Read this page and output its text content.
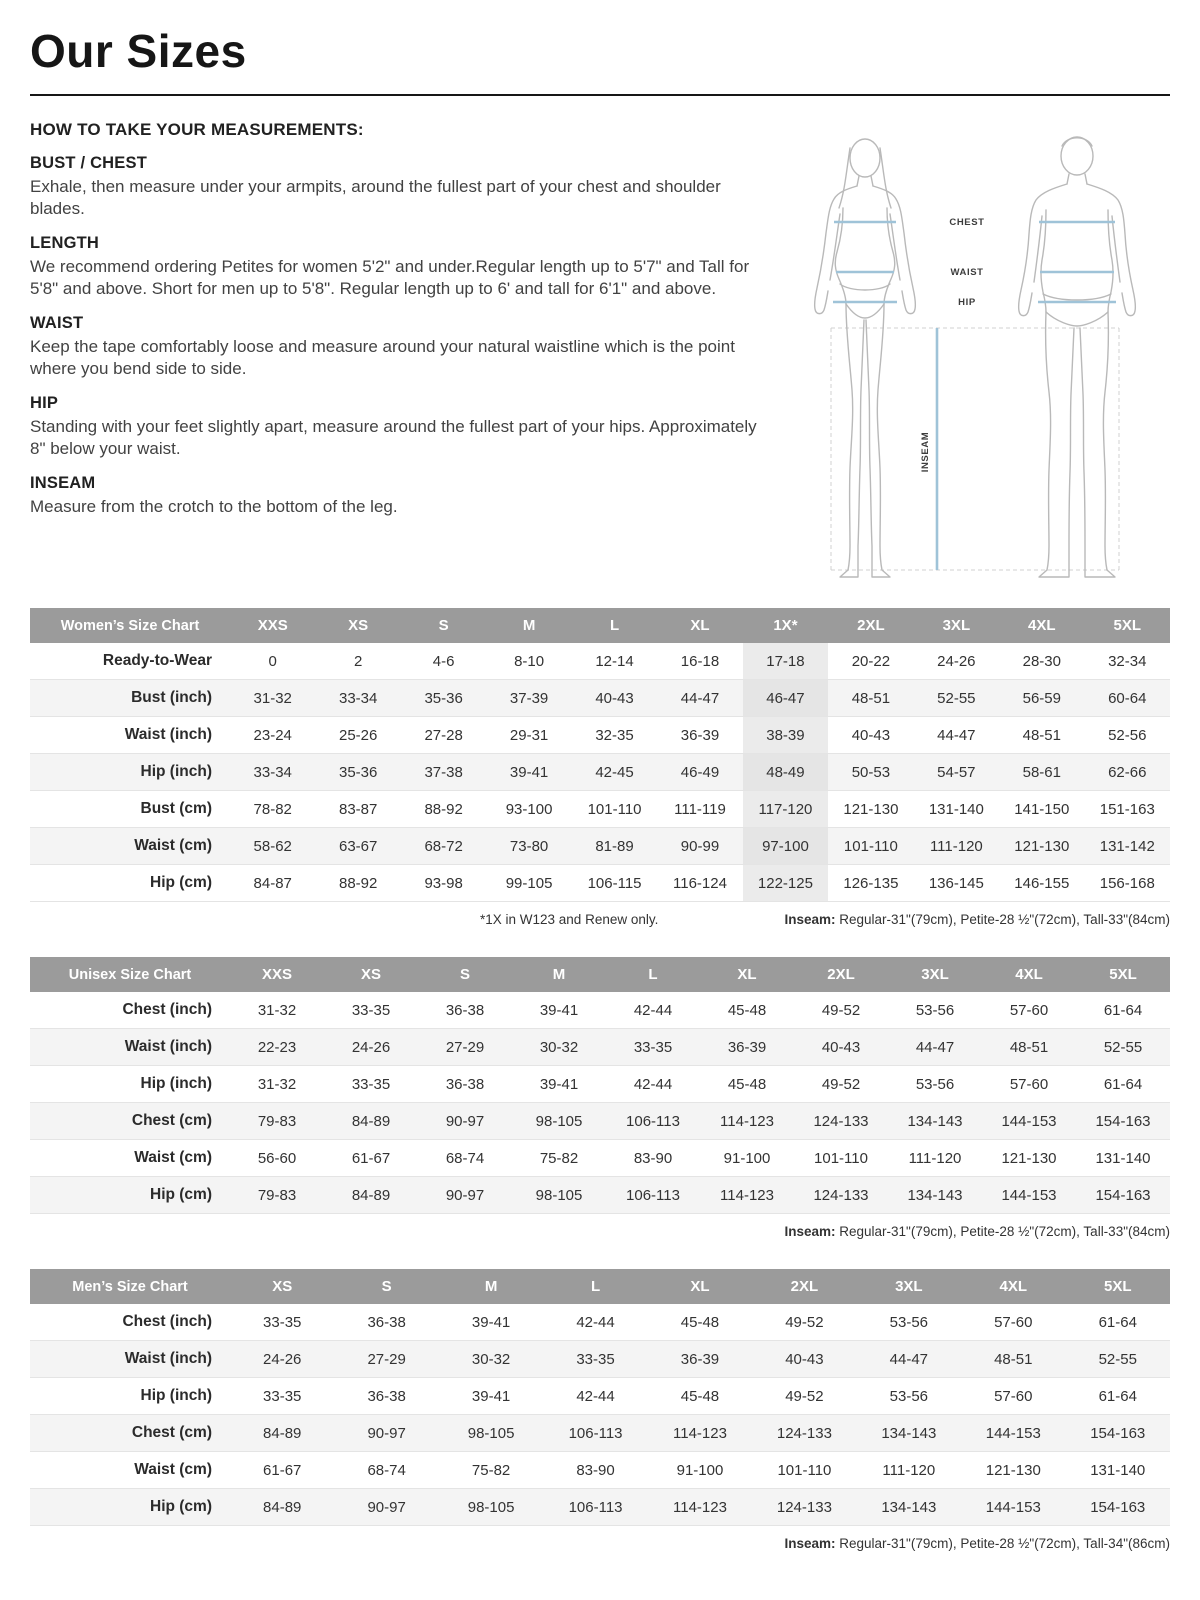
Our Sizes
HOW TO TAKE YOUR MEASUREMENTS:
BUST / CHEST

Exhale, then measure under your armpits, around the fullest part of your chest and shoulder blades.

LENGTH

We recommend ordering Petites for women 5'2" and under.Regular length up to 5'7" and Tall for 5'8" and above. Short for men up to 5'8". Regular length up to 6' and tall for 6'1" and above.

WAIST

Keep the tape comfortably loose and measure around your natural waistline which is the point where you bend side to side.

HIP

Standing with your feet slightly apart, measure around the fullest part of your hips. Approximately 8" below your waist.

INSEAM

Measure from the crotch to the bottom of the leg.

CHEST
WAIST
HIP
INSEAM
Women’s Size Chart	XXS	XS	S	M	L	XL	1X*	2XL	3XL	4XL	5XL
Ready-to-Wear	0	2	4-6	8-10	12-14	16-18	17-18	20-22	24-26	28-30	32-34
Bust (inch)	31-32	33-34	35-36	37-39	40-43	44-47	46-47	48-51	52-55	56-59	60-64
Waist (inch)	23-24	25-26	27-28	29-31	32-35	36-39	38-39	40-43	44-47	48-51	52-56
Hip (inch)	33-34	35-36	37-38	39-41	42-45	46-49	48-49	50-53	54-57	58-61	62-66
Bust (cm)	78-82	83-87	88-92	93-100	101-110	111-119	117-120	121-130	131-140	141-150	151-163
Waist (cm)	58-62	63-67	68-72	73-80	81-89	90-99	97-100	101-110	111-120	121-130	131-142
Hip (cm)	84-87	88-92	93-98	99-105	106-115	116-124	122-125	126-135	136-145	146-155	156-168
*1X in W123 and Renew only.	Inseam: Regular-31"(79cm), Petite-28 ½"(72cm), Tall-33"(84cm)
Unisex Size Chart	XXS	XS	S	M	L	XL	2XL	3XL	4XL	5XL
Chest (inch)	31-32	33-35	36-38	39-41	42-44	45-48	49-52	53-56	57-60	61-64
Waist (inch)	22-23	24-26	27-29	30-32	33-35	36-39	40-43	44-47	48-51	52-55
Hip (inch)	31-32	33-35	36-38	39-41	42-44	45-48	49-52	53-56	57-60	61-64
Chest (cm)	79-83	84-89	90-97	98-105	106-113	114-123	124-133	134-143	144-153	154-163
Waist (cm)	56-60	61-67	68-74	75-82	83-90	91-100	101-110	111-120	121-130	131-140
Hip (cm)	79-83	84-89	90-97	98-105	106-113	114-123	124-133	134-143	144-153	154-163
Inseam: Regular-31"(79cm), Petite-28 ½"(72cm), Tall-33"(84cm)
Men’s Size Chart	XS	S	M	L	XL	2XL	3XL	4XL	5XL
Chest (inch)	33-35	36-38	39-41	42-44	45-48	49-52	53-56	57-60	61-64
Waist (inch)	24-26	27-29	30-32	33-35	36-39	40-43	44-47	48-51	52-55
Hip (inch)	33-35	36-38	39-41	42-44	45-48	49-52	53-56	57-60	61-64
Chest (cm)	84-89	90-97	98-105	106-113	114-123	124-133	134-143	144-153	154-163
Waist (cm)	61-67	68-74	75-82	83-90	91-100	101-110	111-120	121-130	131-140
Hip (cm)	84-89	90-97	98-105	106-113	114-123	124-133	134-143	144-153	154-163
Inseam: Regular-31"(79cm), Petite-28 ½"(72cm), Tall-34"(86cm)
